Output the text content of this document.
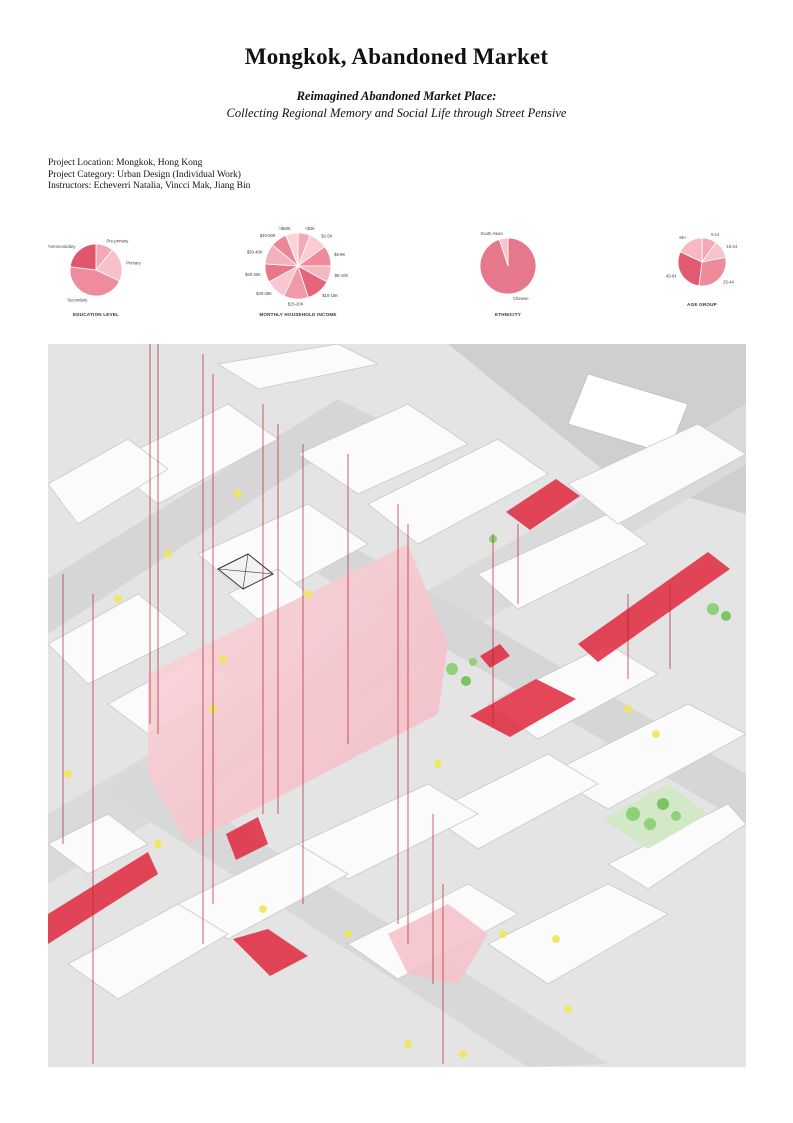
Mongkok, Abandoned Market
Reimagined Abandoned Market Place:
Collecting Regional Memory and Social Life through Street Pensive
Project Location: Mongkok, Hong Kong
Project Category: Urban Design (Individual Work)
Instructors: Echeverri Natalia, Vincci Mak, Jiang Bin
Pre-primary
Primary
Secondary
Post-secondary
EDUCATION LEVEL
<$2K
$2-5K
$5-8K
$8-10K
$10-15K
$15-20K
$20-25K
$25-30K
$30-40K
$40-60K
>$60K
MONTHLY HOUSEHOLD INCOME
Chinese
South Asian
ETHNICITY
0-14
15-24
25-44
45-64
65+
AGE GROUP
